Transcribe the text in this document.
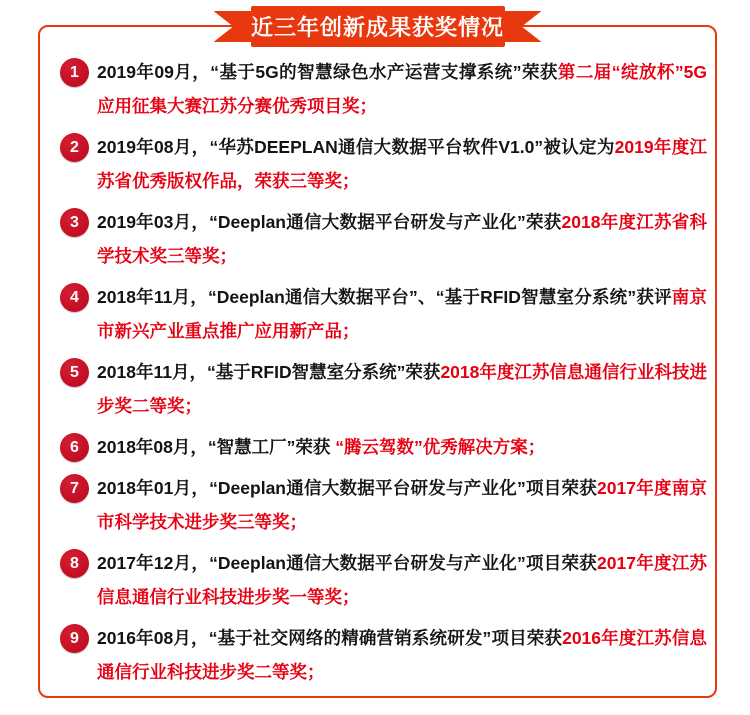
近三年创新成果获奖情况
1	2019年09月，“基于5G的智慧绿色水产运营支撑系统”荣获第二届“绽放杯”5G应用征集大赛江苏分赛优秀项目奖；

2	2019年08月，“华苏DEEPLAN通信大数据平台软件V1.0”被认定为2019年度江苏省优秀版权作品，荣获三等奖；

3	2019年03月，“Deeplan通信大数据平台研发与产业化”荣获2018年度江苏省科学技术奖三等奖；

4	2018年11月，“Deeplan通信大数据平台”、“基于RFID智慧室分系统”获评南京市新兴产业重点推广应用新产品；

5	2018年11月，“基于RFID智慧室分系统”荣获2018年度江苏信息通信行业科技进步奖二等奖；

6	2018年08月，“智慧工厂”荣获 “腾云驾数”优秀解决方案；

7	2018年01月，“Deeplan通信大数据平台研发与产业化”项目荣获2017年度南京市科学技术进步奖三等奖；

8	2017年12月，“Deeplan通信大数据平台研发与产业化”项目荣获2017年度江苏信息通信行业科技进步奖一等奖；

9	2016年08月，“基于社交网络的精确营销系统研发”项目荣获2016年度江苏信息通信行业科技进步奖二等奖；
